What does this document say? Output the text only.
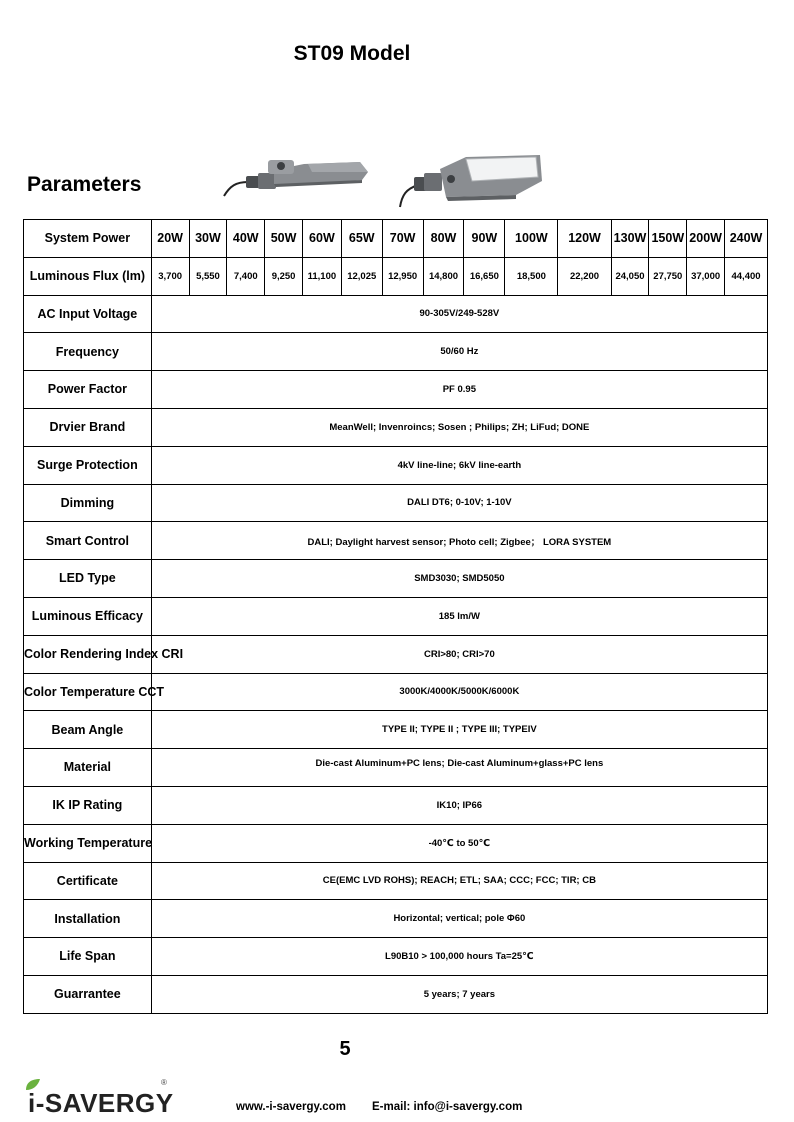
ST09 Model
Parameters
System Power	20W	30W	40W	50W	60W	65W	70W	80W	90W	100W	120W	130W	150W	200W	240W
Luminous Flux (lm)	3,700	5,550	7,400	9,250	11,100	12,025	12,950	14,800	16,650	18,500	22,200	24,050	27,750	37,000	44,400
AC Input Voltage	90-305V/249-528V														
Frequency	50/60 Hz														
Power Factor	PF 0.95														
Drvier Brand	MeanWell; Invenroincs; Sosen ; Philips; ZH; LiFud; DONE														
Surge Protection	4kV line-line; 6kV line-earth														
Dimming	DALI DT6; 0-10V; 1-10V														
Smart Control	DALI; Daylight harvest sensor; Photo cell; Zigbee； LORA SYSTEM														
LED Type	SMD3030; SMD5050														
Luminous Efficacy	185 lm/W														
Color Rendering Index CRI	CRI>80; CRI>70														
Color Temperature CCT	3000K/4000K/5000K/6000K														
Beam Angle	TYPE II; TYPE II ; TYPE III; TYPEIV														
Material	Die-cast Aluminum+PC lens; Die-cast Aluminum+glass+PC lens														
IK IP Rating	IK10; IP66														
Working Temperature	-40℃ to 50℃														
Certificate	CE(EMC LVD ROHS); REACH; ETL; SAA; CCC; FCC; TIR; CB														
Installation	Horizontal; vertical; pole Φ60														
Life Span	L90B10 > 100,000 hours Ta=25℃														
Guarrantee	5 years; 7 years														
5
i-SAVERGY
®
www.-i-savergy.com E-mail: info@i-savergy.com
